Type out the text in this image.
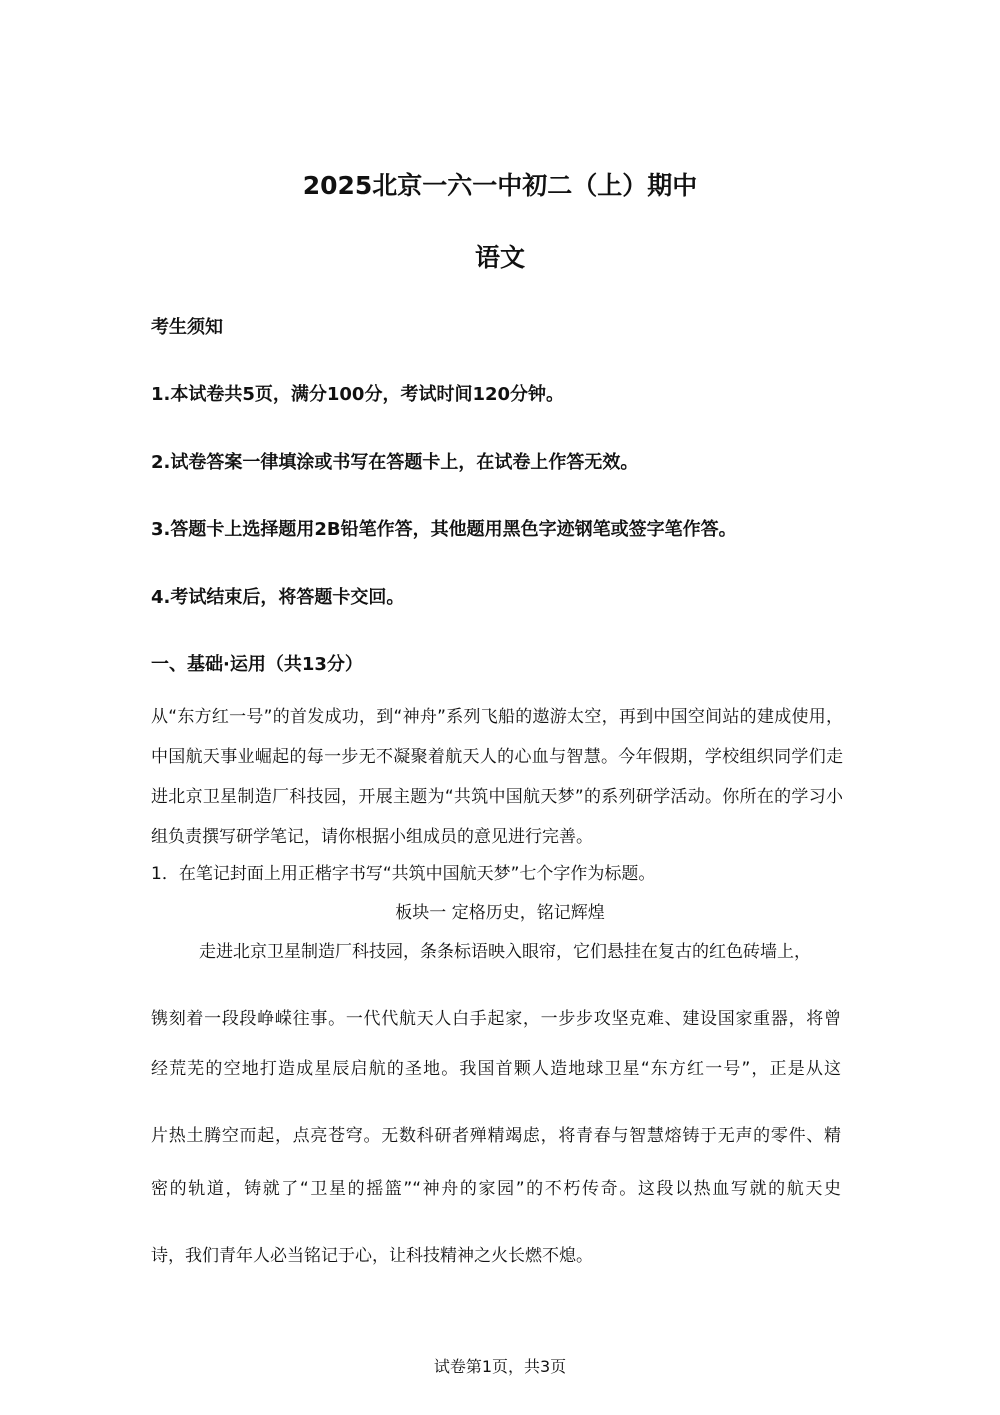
2025北京一六一中初二（上）期中
语文
考生须知
1.本试卷共5页，满分100分，考试时间120分钟。
2.试卷答案一律填涂或书写在答题卡上，在试卷上作答无效。
3.答题卡上选择题用2B铅笔作答，其他题用黑色字迹钢笔或签字笔作答。
4.考试结束后，将答题卡交回。
一、基础·运用（共13分）
从“东方红一号”的首发成功，到“神舟”系列飞船的遨游太空，再到中国空间站的建成使用，中国航天事业崛起的每一步无不凝聚着航天人的心血与智慧。今年假期，学校组织同学们走进北京卫星制造厂科技园，开展主题为“共筑中国航天梦”的系列研学活动。你所在的学习小组负责撰写研学笔记，请你根据小组成员的意见进行完善。
1．在笔记封面上用正楷字书写“共筑中国航天梦”七个字作为标题。
板块一 定格历史，铭记辉煌
走进北京卫星制造厂科技园，条条标语映入眼帘，它们悬挂在复古的红色砖墙上，
镌刻着一段段峥嵘往事。一代代航天人白手起家，一步步攻坚克难、建设国家重器，将曾
经荒芜的空地打造成星辰启航的圣地。我国首颗人造地球卫星“东方红一号”，正是从这
片热土腾空而起，点亮苍穹。无数科研者殚精竭虑，将青春与智慧熔铸于无声的零件、精
密的轨道，铸就了“卫星的摇篮”“神舟的家园”的不朽传奇。这段以热血写就的航天史
诗，我们青年人必当铭记于心，让科技精神之火长燃不熄。
试卷第1页，共3页
